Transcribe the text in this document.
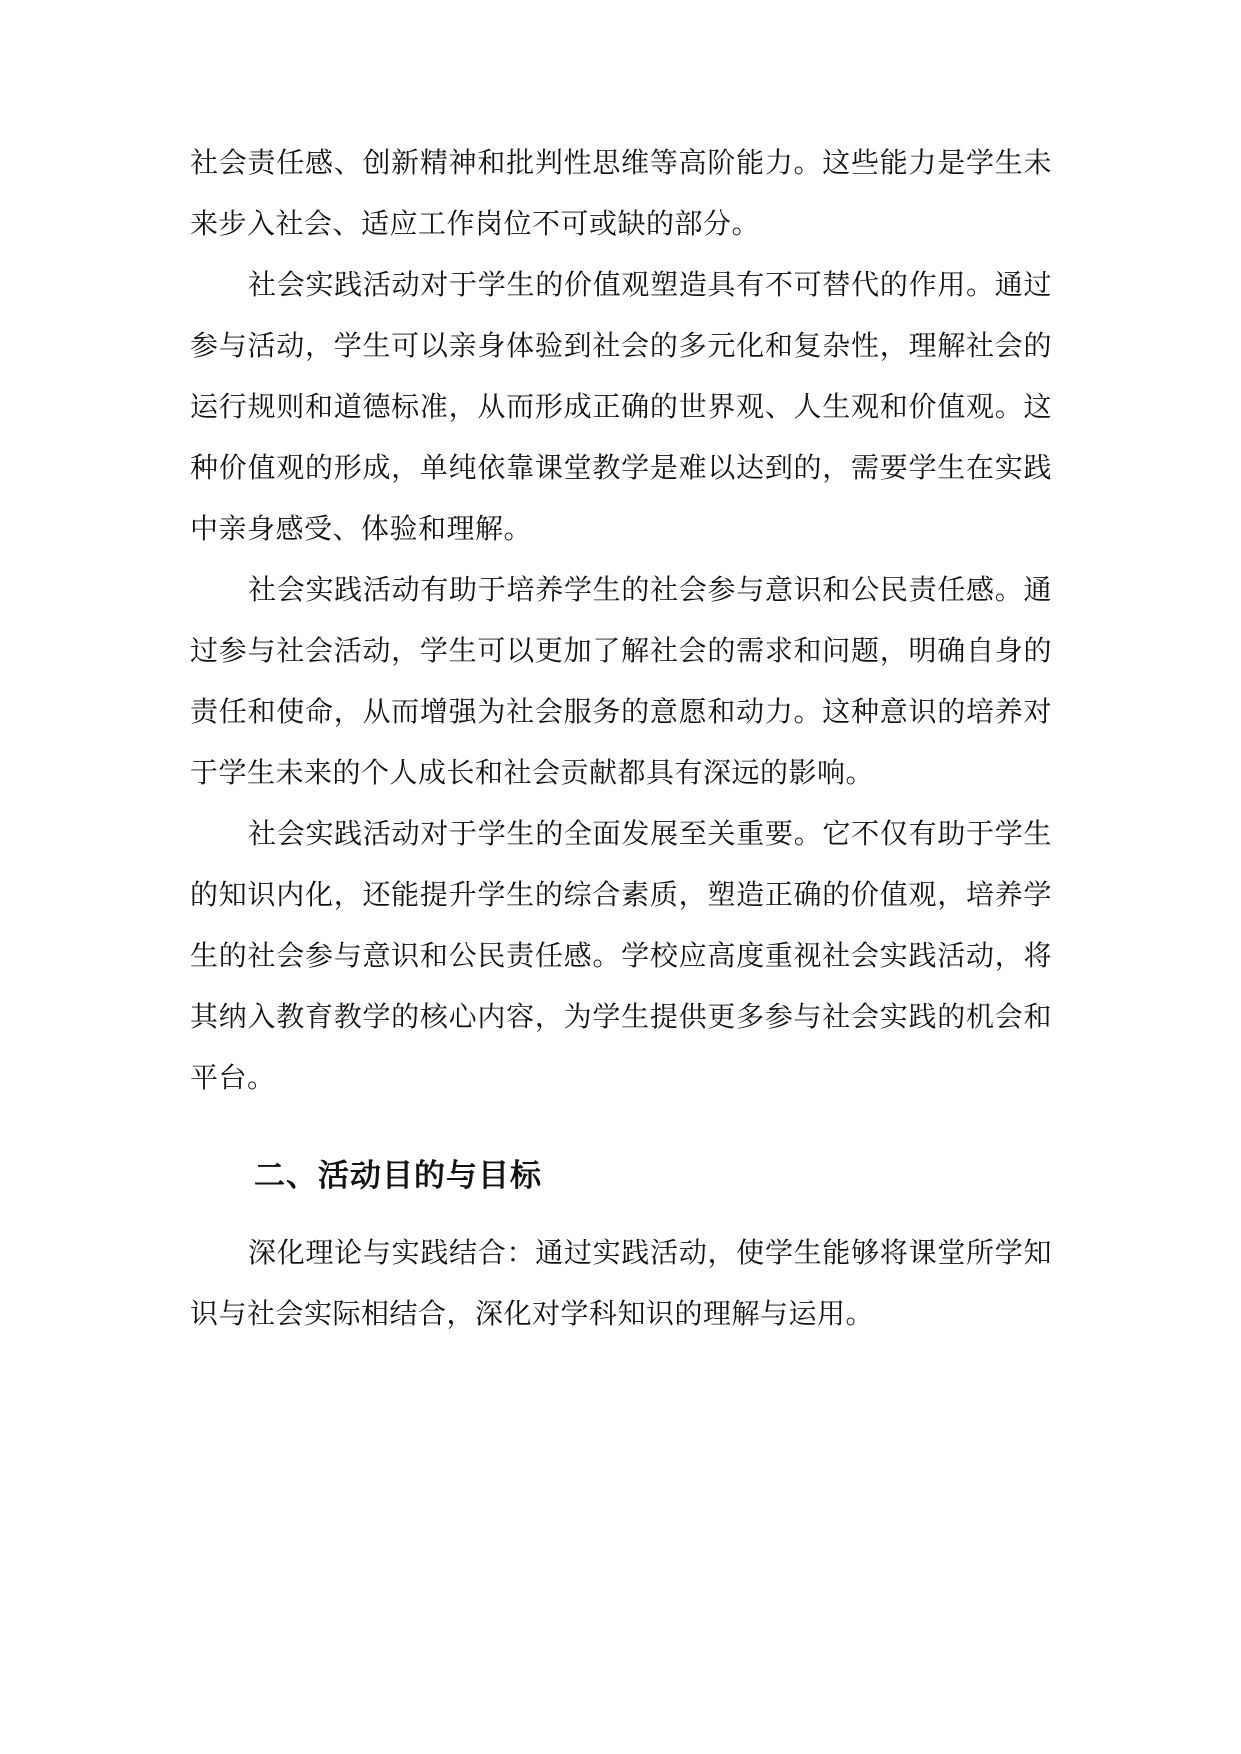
社会责任感、创新精神和批判性思维等高阶能力。这些能力是学生未来步入社会、适应工作岗位不可或缺的部分。

社会实践活动对于学生的价值观塑造具有不可替代的作用。通过参与活动，学生可以亲身体验到社会的多元化和复杂性，理解社会的运行规则和道德标准，从而形成正确的世界观、人生观和价值观。这种价值观的形成，单纯依靠课堂教学是难以达到的，需要学生在实践中亲身感受、体验和理解。

社会实践活动有助于培养学生的社会参与意识和公民责任感。通过参与社会活动，学生可以更加了解社会的需求和问题，明确自身的责任和使命，从而增强为社会服务的意愿和动力。这种意识的培养对于学生未来的个人成长和社会贡献都具有深远的影响。

社会实践活动对于学生的全面发展至关重要。它不仅有助于学生的知识内化，还能提升学生的综合素质，塑造正确的价值观，培养学生的社会参与意识和公民责任感。学校应高度重视社会实践活动，将其纳入教育教学的核心内容，为学生提供更多参与社会实践的机会和平台。

二、活动目的与目标

深化理论与实践结合：通过实践活动，使学生能够将课堂所学知识与社会实际相结合，深化对学科知识的理解与运用。
